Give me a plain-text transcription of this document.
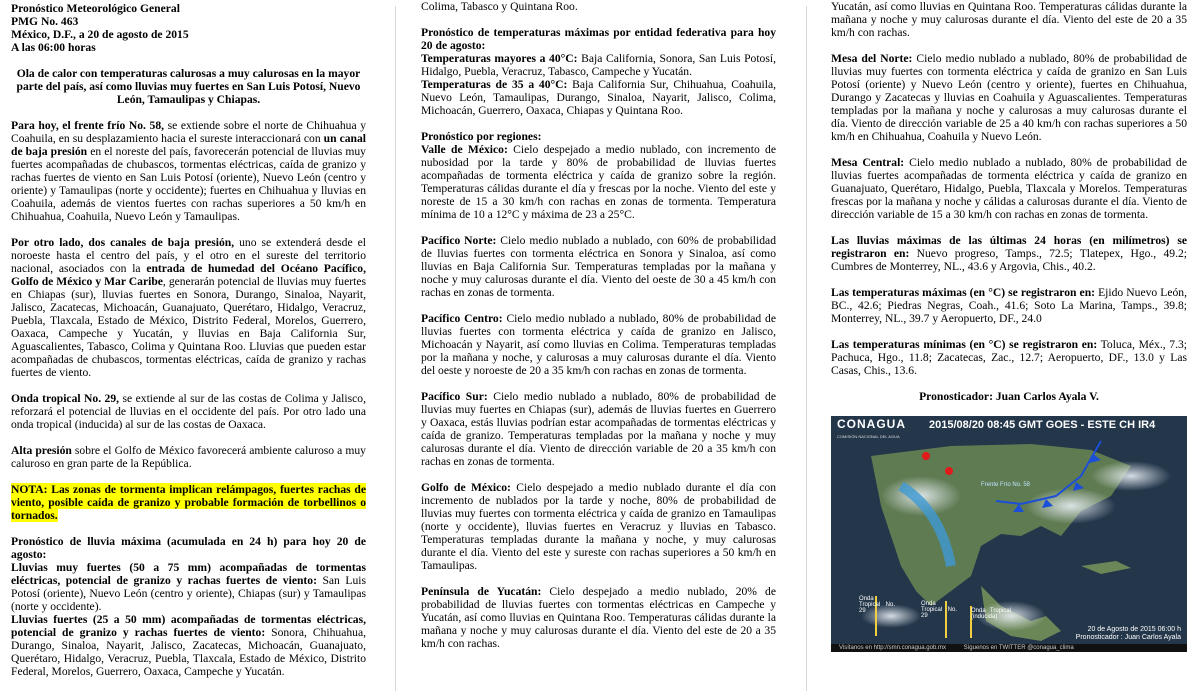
Pronóstico Meteorológico General
PMG No. 463
México, D.F., a 20 de agosto de 2015
A las 06:00 horas

Ola de calor con temperaturas calurosas a muy calurosas en la mayor parte del país, así como lluvias muy fuertes en San Luis Potosí, Nuevo León, Tamaulipas y Chiapas.

Para hoy, el frente frío No. 58, se extiende sobre el norte de Chihuahua y Coahuila, en su desplazamiento hacia el sureste interaccionará con un canal de baja presión en el noreste del país, favorecerán potencial de lluvias muy fuertes acompañadas de chubascos, tormentas eléctricas, caída de granizo y rachas fuertes de viento en San Luis Potosí (oriente), Nuevo León (centro y oriente) y Tamaulipas (norte y occidente); fuertes en Chihuahua y lluvias en Coahuila, además de vientos fuertes con rachas superiores a 50 km/h en Chihuahua, Coahuila, Nuevo León y Tamaulipas.

Por otro lado, dos canales de baja presión, uno se extenderá desde el noroeste hasta el centro del país, y el otro en el sureste del territorio nacional, asociados con la entrada de humedad del Océano Pacífico, Golfo de México y Mar Caribe, generarán potencial de lluvias muy fuertes en Chiapas (sur), lluvias fuertes en Sonora, Durango, Sinaloa, Nayarit, Jalisco, Zacatecas, Michoacán, Guanajuato, Querétaro, Hidalgo, Veracruz, Puebla, Tlaxcala, Estado de México, Distrito Federal, Morelos, Guerrero, Oaxaca, Campeche y Yucatán, y lluvias en Baja California Sur, Aguascalientes, Tabasco, Colima y Quintana Roo. Lluvias que pueden estar acompañadas de chubascos, tormentas eléctricas, caída de granizo y rachas fuertes de viento.

Onda tropical No. 29, se extiende al sur de las costas de Colima y Jalisco, reforzará el potencial de lluvias en el occidente del país. Por otro lado una onda tropical (inducida) al sur de las costas de Oaxaca.

Alta presión sobre el Golfo de México favorecerá ambiente caluroso a muy caluroso en gran parte de la República.

NOTA: Las zonas de tormenta implican relámpagos, fuertes rachas de viento, posible caída de granizo y probable formación de torbellinos o tornados.

Pronóstico de lluvia máxima (acumulada en 24 h) para hoy 20 de agosto:

Lluvias muy fuertes (50 a 75 mm) acompañadas de tormentas eléctricas, potencial de granizo y rachas fuertes de viento: San Luis Potosí (oriente), Nuevo León (centro y oriente), Chiapas (sur) y Tamaulipas (norte y occidente).

Lluvias fuertes (25 a 50 mm) acompañadas de tormentas eléctricas, potencial de granizo y rachas fuertes de viento: Sonora, Chihuahua, Durango, Sinaloa, Nayarit, Jalisco, Zacatecas, Michoacán, Guanajuato, Querétaro, Hidalgo, Veracruz, Puebla, Tlaxcala, Estado de México, Distrito Federal, Morelos, Guerrero, Oaxaca, Campeche y Yucatán.

Colima, Tabasco y Quintana Roo.

Pronóstico de temperaturas máximas por entidad federativa para hoy 20 de agosto:

Temperaturas mayores a 40°C: Baja California, Sonora, San Luis Potosí, Hidalgo, Puebla, Veracruz, Tabasco, Campeche y Yucatán.

Temperaturas de 35 a 40°C: Baja California Sur, Chihuahua, Coahuila, Nuevo León, Tamaulipas, Durango, Sinaloa, Nayarit, Jalisco, Colima, Michoacán, Guerrero, Oaxaca, Chiapas y Quintana Roo.

Pronóstico por regiones:

Valle de México: Cielo despejado a medio nublado, con incremento de nubosidad por la tarde y 80% de probabilidad de lluvias fuertes acompañadas de tormenta eléctrica y caída de granizo sobre la región. Temperaturas cálidas durante el día y frescas por la noche. Viento del este y noreste de 15 a 30 km/h con rachas en zonas de tormenta. Temperatura mínima de 10 a 12°C y máxima de 23 a 25°C.

Pacífico Norte: Cielo medio nublado a nublado, con 60% de probabilidad de lluvias fuertes con tormenta eléctrica en Sonora y Sinaloa, así como lluvias en Baja California Sur. Temperaturas templadas por la mañana y noche y muy calurosas durante el día. Viento del oeste de 30 a 45 km/h con rachas en zonas de tormenta.

Pacífico Centro: Cielo medio nublado a nublado, 80% de probabilidad de lluvias fuertes con tormenta eléctrica y caída de granizo en Jalisco, Michoacán y Nayarit, así como lluvias en Colima. Temperaturas templadas por la mañana y noche, y calurosas a muy calurosas durante el día. Viento del oeste y noroeste de 20 a 35 km/h con rachas en zonas de tormenta.

Pacífico Sur: Cielo medio nublado a nublado, 80% de probabilidad de lluvias muy fuertes en Chiapas (sur), además de lluvias fuertes en Guerrero y Oaxaca, estás lluvias podrían estar acompañadas de tormentas eléctricas y caída de granizo. Temperaturas templadas por la mañana y noche y muy calurosas durante el día. Viento de dirección variable de 20 a 35 km/h con rachas en zonas de tormenta.

Golfo de México: Cielo despejado a medio nublado durante el día con incremento de nublados por la tarde y noche, 80% de probabilidad de lluvias muy fuertes con tormenta eléctrica y caída de granizo en Tamaulipas (norte y occidente), lluvias fuertes en Veracruz y lluvias en Tabasco. Temperaturas templadas durante la mañana y noche, y muy calurosas durante el día. Viento del este y sureste con rachas superiores a 50 km/h en Tamaulipas.

Península de Yucatán: Cielo despejado a medio nublado, 20% de probabilidad de lluvias fuertes con tormentas eléctricas en Campeche y Yucatán, así como lluvias en Quintana Roo. Temperaturas cálidas durante la mañana y noche y muy calurosas durante el día. Viento del este de 20 a 35 km/h con rachas.

Yucatán, así como lluvias en Quintana Roo. Temperaturas cálidas durante la mañana y noche y muy calurosas durante el día. Viento del este de 20 a 35 km/h con rachas.

Mesa del Norte: Cielo medio nublado a nublado, 80% de probabilidad de lluvias muy fuertes con tormenta eléctrica y caída de granizo en San Luis Potosí (oriente) y Nuevo León (centro y oriente), fuertes en Chihuahua, Durango y Zacatecas y lluvias en Coahuila y Aguascalientes. Temperaturas templadas por la mañana y noche y calurosas a muy calurosas durante el día. Viento de dirección variable de 25 a 40 km/h con rachas superiores a 50 km/h en Chihuahua, Coahuila y Nuevo León.

Mesa Central: Cielo medio nublado a nublado, 80% de probabilidad de lluvias fuertes acompañadas de tormenta eléctrica y caída de granizo en Guanajuato, Querétaro, Hidalgo, Puebla, Tlaxcala y Morelos. Temperaturas frescas por la mañana y noche y cálidas a calurosas durante el día. Viento de dirección variable de 15 a 30 km/h con rachas en zonas de tormenta.

Las lluvias máximas de las últimas 24 horas (en milímetros) se registraron en: Nuevo progreso, Tamps., 72.5; Tlatepex, Hgo., 49.2; Cumbres de Monterrey, NL., 43.6 y Argovia, Chis., 40.2.

Las temperaturas máximas (en °C) se registraron en: Ejido Nuevo León, BC., 42.6; Piedras Negras, Coah., 41.6; Soto La Marina, Tamps., 39.8; Monterrey, NL., 39.7 y Aeropuerto, DF., 24.0

Las temperaturas mínimas (en °C) se registraron en: Toluca, Méx., 7.3; Pachuca, Hgo., 11.8; Zacatecas, Zac., 12.7; Aeropuerto, DF., 13.0 y Las Casas, Chis., 13.6.

Pronosticador: Juan Carlos Ayala V.
CONAGUA
COMISIÓN NACIONAL DEL AGUA
2015/08/20 08:45 GMT GOES - ESTE CH IR4
Frente Frío No. 58
Onda Tropical No. 29
Onda Tropical No. 29
Onda Tropical (inducida)
20 de Agosto de 2015 06:00 h
Pronosticador : Juan Carlos Ayala
Visítanos en http://smn.conagua.gob.mx	Síguenos en TWITTER @conagua_clima
